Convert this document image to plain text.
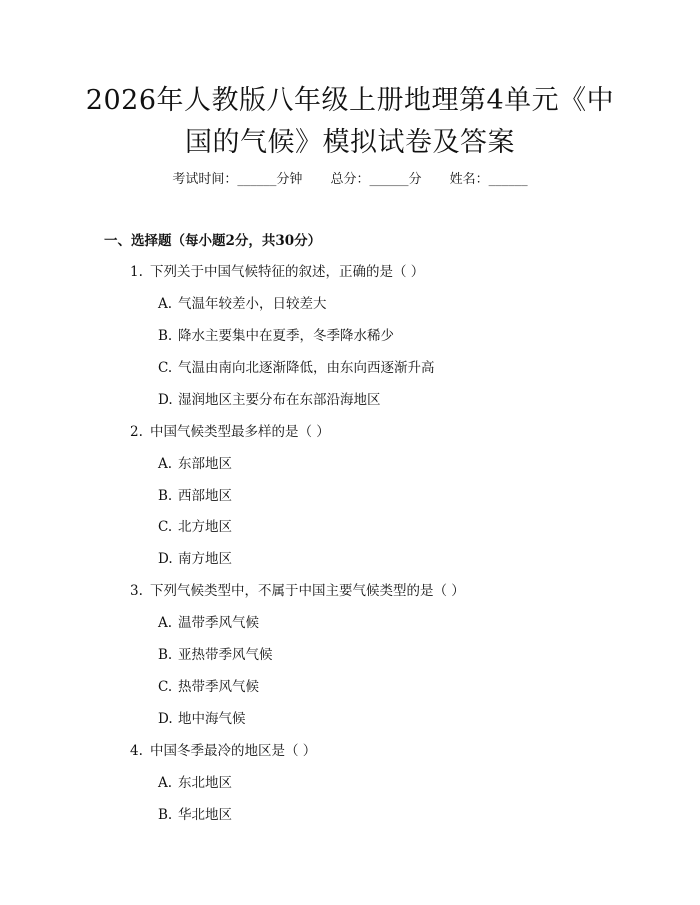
2026年人教版八年级上册地理第4单元《中国的气候》模拟试卷及答案
考试时间：______分钟 总分：______分 姓名：______
一、选择题（每小题2分，共30分）
1. 下列关于中国气候特征的叙述，正确的是（ ）
A. 气温年较差小，日较差大
B. 降水主要集中在夏季，冬季降水稀少
C. 气温由南向北逐渐降低，由东向西逐渐升高
D. 湿润地区主要分布在东部沿海地区
2. 中国气候类型最多样的是（ ）
A. 东部地区
B. 西部地区
C. 北方地区
D. 南方地区
3. 下列气候类型中，不属于中国主要气候类型的是（ ）
A. 温带季风气候
B. 亚热带季风气候
C. 热带季风气候
D. 地中海气候
4. 中国冬季最冷的地区是（ ）
A. 东北地区
B. 华北地区
